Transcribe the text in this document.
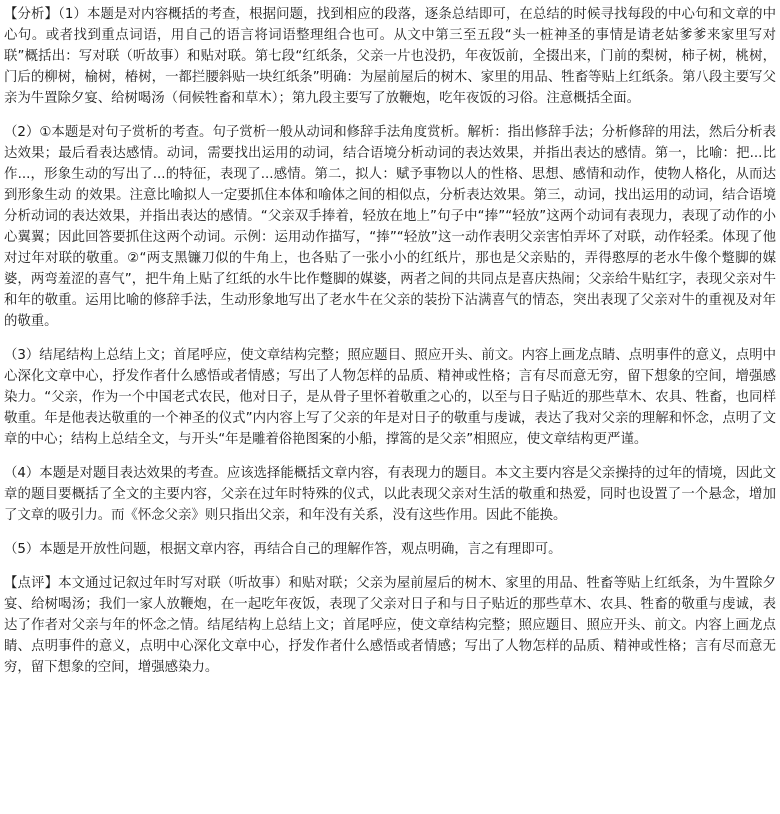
【分析】（1）本题是对内容概括的考查，根据问题，找到相应的段落，逐条总结即可，在总结的时候寻找每段的中心句和文章的中心句。或者找到重点词语，用自己的语言将词语整理组合也可。从文中第三至五段“头一桩神圣的事情是请老姑爹爹来家里写对联”概括出：写对联（听故事）和贴对联。第七段“红纸条，父亲一片也没扔，年夜饭前，全掇出来，门前的梨树，柿子树，桃树，门后的柳树，榆树，椿树，一都拦腰斜贴一块红纸条”明确：为屋前屋后的树木、家里的用品、牲畜等贴上红纸条。第八段主要写父亲为牛置除夕宴、给树喝汤（伺候牲畜和草木）；第九段主要写了放鞭炮，吃年夜饭的习俗。注意概括全面。

（2）①本题是对句子赏析的考查。句子赏析一般从动词和修辞手法角度赏析。解析：指出修辞手法；分析修辞的用法，然后分析表达效果；最后看表达感情。动词，需要找出运用的动词，结合语境分析动词的表达效果，并指出表达的感情。第一，比喻：把...比作...，形象生动的写出了...的特征，表现了...感情。第二，拟人：赋予事物以人的性格、思想、感情和动作，使物人格化，从而达到形象生动 的效果。注意比喻拟人一定要抓住本体和喻体之间的相似点，分析表达效果。第三，动词，找出运用的动词，结合语境分析动词的表达效果，并指出表达的感情。“父亲双手捧着，轻放在地上”句子中“捧”“轻放”这两个动词有表现力，表现了动作的小心翼翼；因此回答要抓住这两个动词。示例：运用动作描写，“捧”“轻放”这一动作表明父亲害怕弄坏了对联，动作轻柔。体现了他对过年对联的敬重。②“两支黑镰刀似的牛角上，也各贴了一张小小的红纸片，那也是父亲贴的，弄得憨厚的老水牛像个蹩脚的媒婆，两弯羞涩的喜气”，把牛角上贴了红纸的水牛比作蹩脚的媒婆，两者之间的共同点是喜庆热闹；父亲给牛贴红字，表现父亲对牛和年的敬重。运用比喻的修辞手法，生动形象地写出了老水牛在父亲的装扮下沾满喜气的情态，突出表现了父亲对牛的重视及对年的敬重。

（3）结尾结构上总结上文；首尾呼应，使文章结构完整；照应题目、照应开头、前文。内容上画龙点睛、点明事件的意义，点明中心深化文章中心，抒发作者什么感悟或者情感；写出了人物怎样的品质、精神或性格；言有尽而意无穷，留下想象的空间，增强感染力。“父亲，作为一个中国老式农民，他对日子，是从骨子里怀着敬重之心的，以至与日子贴近的那些草木、农具、牲畜，也同样敬重。年是他表达敬重的一个神圣的仪式”内内容上写了父亲的年是对日子的敬重与虔诚，表达了我对父亲的理解和怀念，点明了文章的中心；结构上总结全文，与开头“年是雕着俗艳图案的小船，撑篙的是父亲”相照应，使文章结构更严谨。

（4）本题是对题目表达效果的考查。应该选择能概括文章内容，有表现力的题目。本文主要内容是父亲操持的过年的情境，因此文章的题目要概括了全文的主要内容，父亲在过年时特殊的仪式，以此表现父亲对生活的敬重和热爱，同时也设置了一个悬念，增加了文章的吸引力。而《怀念父亲》则只指出父亲，和年没有关系，没有这些作用。因此不能换。

（5）本题是开放性问题，根据文章内容，再结合自己的理解作答，观点明确，言之有理即可。

【点评】本文通过记叙过年时写对联（听故事）和贴对联；父亲为屋前屋后的树木、家里的用品、牲畜等贴上红纸条，为牛置除夕宴、给树喝汤；我们一家人放鞭炮，在一起吃年夜饭，表现了父亲对日子和与日子贴近的那些草木、农具、牲畜的敬重与虔诚，表达了作者对父亲与年的怀念之情。结尾结构上总结上文；首尾呼应，使文章结构完整；照应题目、照应开头、前文。内容上画龙点睛、点明事件的意义，点明中心深化文章中心，抒发作者什么感悟或者情感；写出了人物怎样的品质、精神或性格；言有尽而意无穷，留下想象的空间，增强感染力。
